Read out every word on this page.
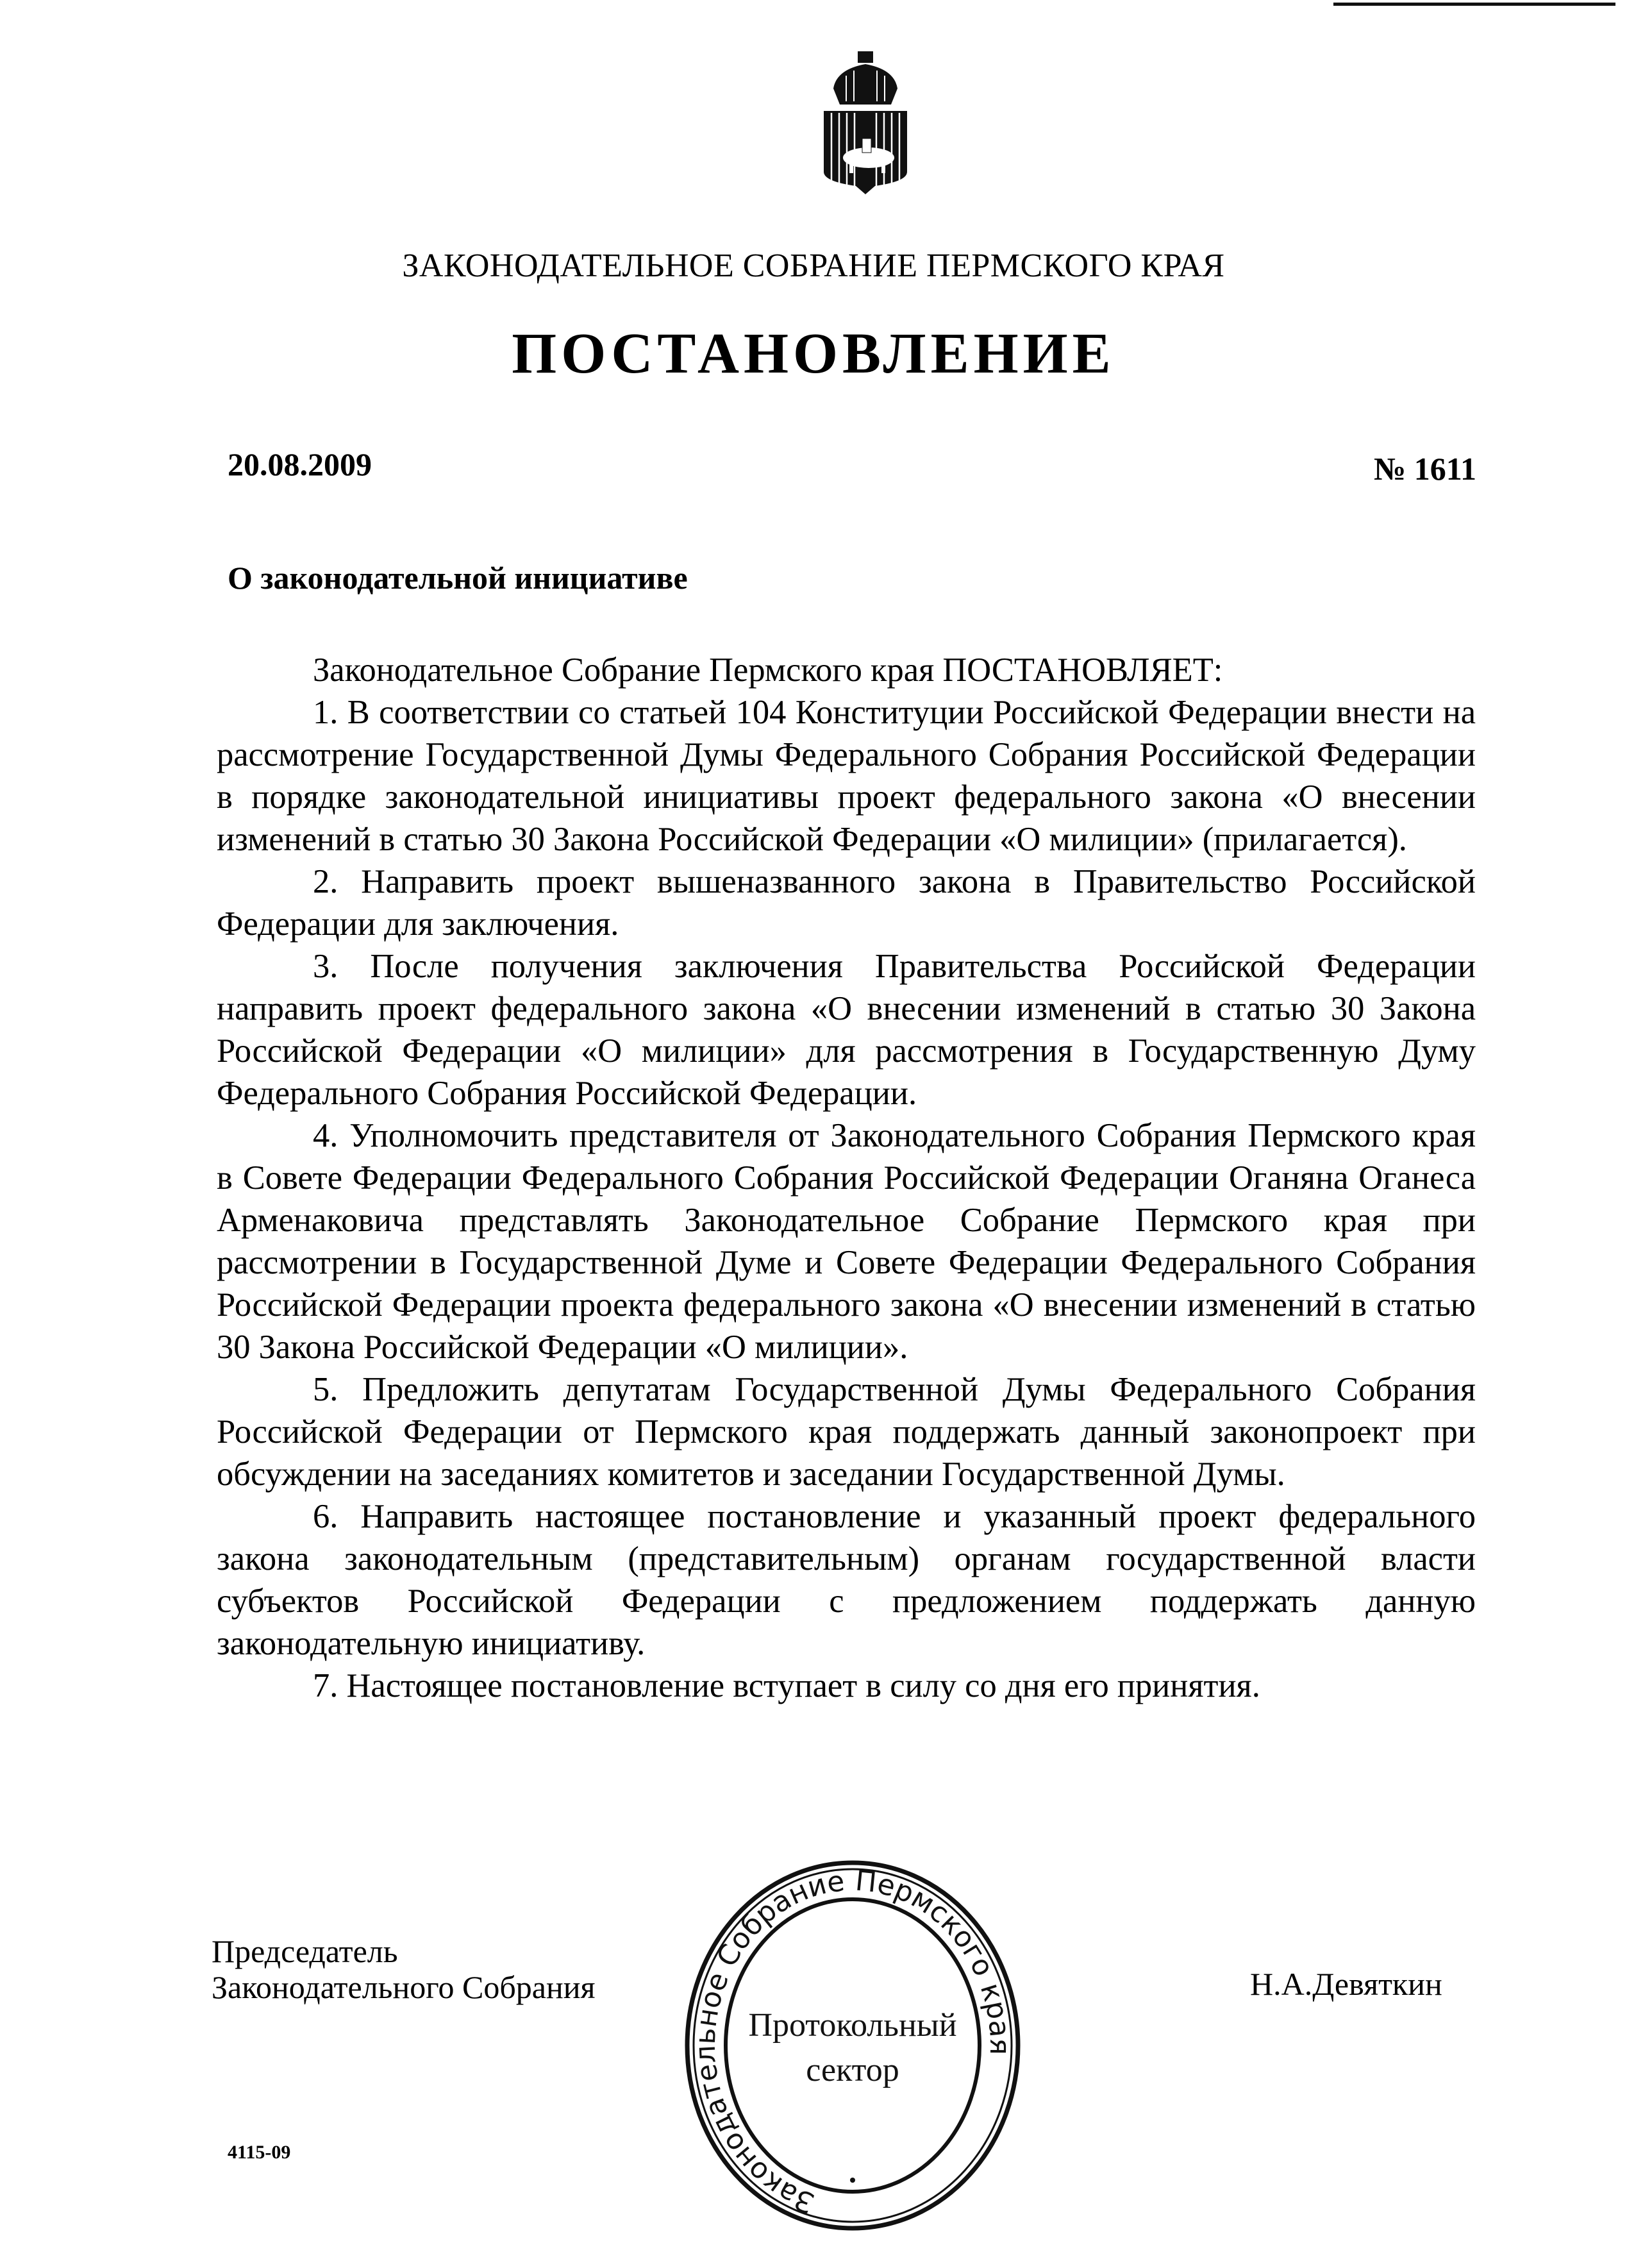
ЗАКОНОДАТЕЛЬНОЕ СОБРАНИЕ ПЕРМСКОГО КРАЯ
ПОСТАНОВЛЕНИЕ
20.08.2009	№ 1611
О законодательной инициативе

Законодательное Собрание Пермского края ПОСТАНОВЛЯЕТ:

1. В соответствии со статьей 104 Конституции Российской Федерации внести на рассмотрение Государственной Думы Федерального Собрания Российской Федерации в порядке законодательной инициативы проект федерального закона «О внесении изменений в статью 30 Закона Российской Федерации «О милиции» (прилагается).

2. Направить проект вышеназванного закона в Правительство Российской Федерации для заключения.

3. После получения заключения Правительства Российской Федерации направить проект федерального закона «О внесении изменений в статью 30 Закона Российской Федерации «О милиции» для рассмотрения в Государственную Думу Федерального Собрания Российской Федерации.

4. Уполномочить представителя от Законодательного Собрания Пермского края в Совете Федерации Федерального Собрания Российской Федерации Оганяна Оганеса Арменаковича представлять Законодательное Собрание Пермского края при рассмотрении в Государственной Думе и Совете Федерации Федерального Собрания Российской Федерации проекта федерального закона «О внесении изменений в статью 30 Закона Российской Федерации «О милиции».

5. Предложить депутатам Государственной Думы Федерального Собрания Российской Федерации от Пермского края поддержать данный законопроект при обсуждении на заседаниях комитетов и заседании Государственной Думы.

6. Направить настоящее постановление и указанный проект федерального закона законодательным (представительным) органам государственной власти субъектов Российской Федерации с предложением поддержать данную законодательную инициативу.

7. Настоящее постановление вступает в силу со дня его принятия.

Председатель
Законодательного Собрания	Н.А.Девяткин
Законодательное Собрание Пермского края
Протокольный
сектор
4115-09
